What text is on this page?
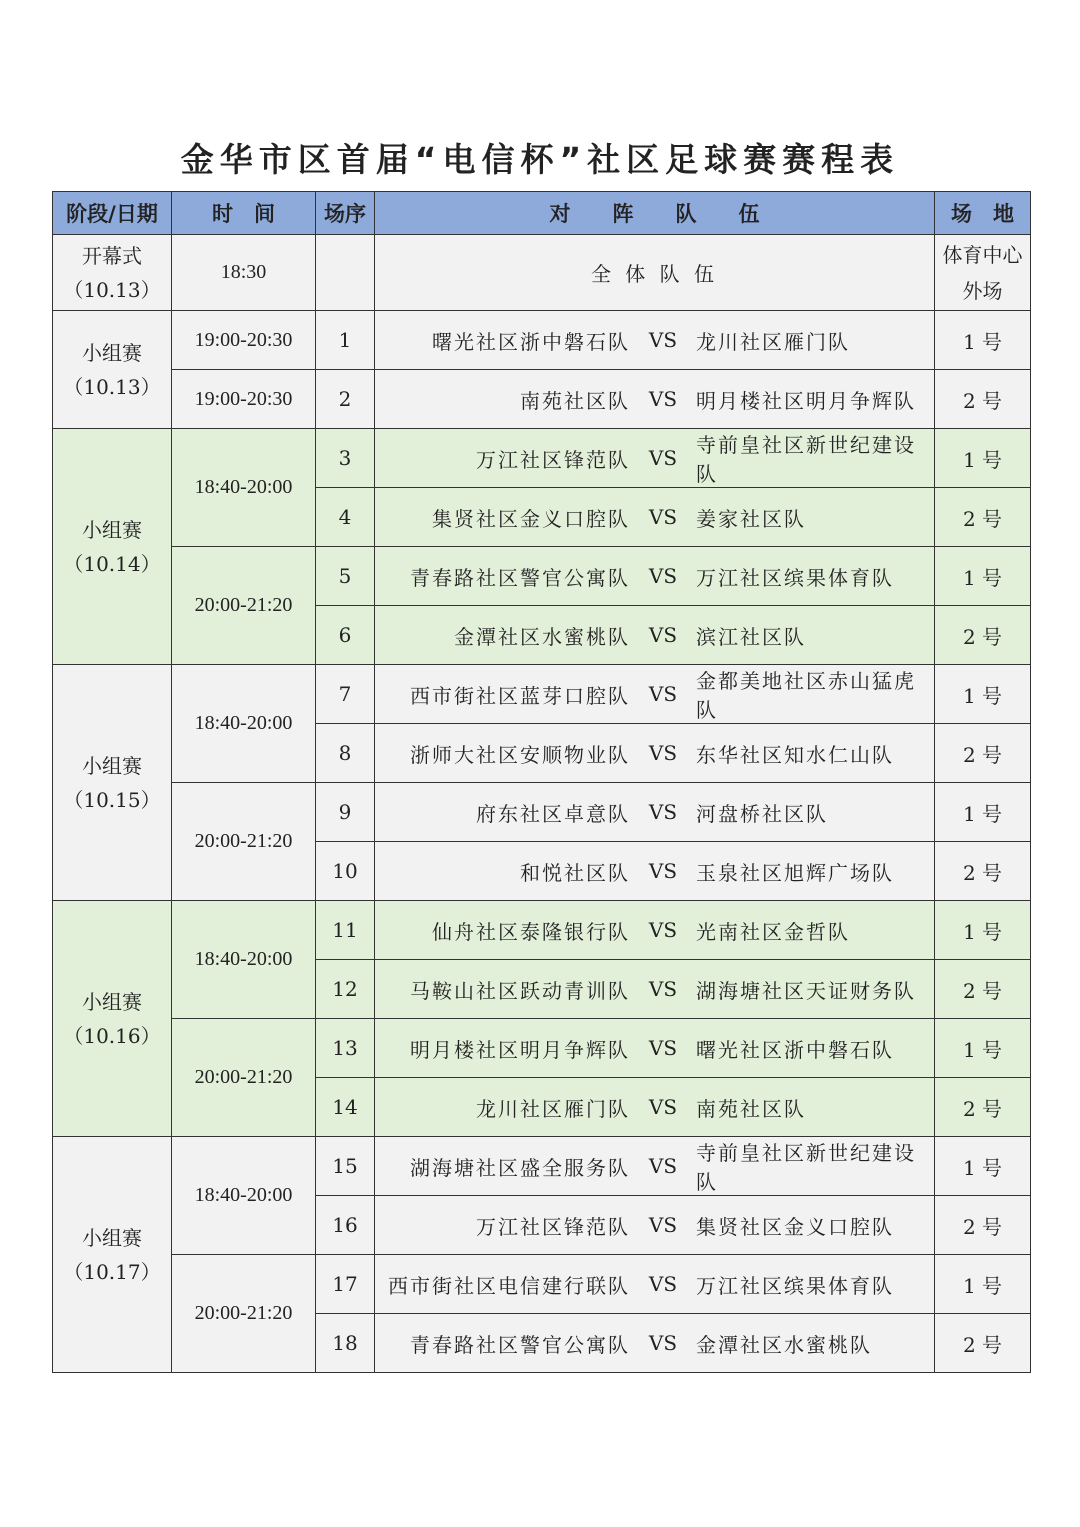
金华市区首届“电信杯”社区足球赛赛程表
阶段/日期	时　间	场序	对　　阵　　队　　伍	场　地

开幕式
（10.13）	18:30		全 体 队 伍	体育中心
外场

小组赛
（10.13）	19:00-20:30	1	曙光社区浙中磐石队 VS 龙川社区雁门队	1 号
	19:00-20:30	2	南苑社区队 VS 明月楼社区明月争辉队	2 号

小组赛
（10.14）	18:40-20:00	3	万江社区锋范队 VS
寺前皇社区新世纪建设队	1 号
		4	集贤社区金义口腔队 VS 姜家社区队	2 号
	20:00-21:20	5	青春路社区警官公寓队 VS 万江社区缤果体育队	1 号
		6	金潭社区水蜜桃队 VS 滨江社区队	2 号

小组赛
（10.15）	18:40-20:00	7	西市街社区蓝芽口腔队 VS
金都美地社区赤山猛虎队	1 号
		8	浙师大社区安顺物业队 VS 东华社区知水仁山队	2 号
	20:00-21:20	9	府东社区卓意队 VS 河盘桥社区队	1 号
		10	和悦社区队 VS 玉泉社区旭辉广场队	2 号

小组赛
（10.16）	18:40-20:00	11	仙舟社区泰隆银行队 VS 光南社区金哲队	1 号
		12	马鞍山社区跃动青训队 VS 湖海塘社区天证财务队	2 号
	20:00-21:20	13	明月楼社区明月争辉队 VS 曙光社区浙中磐石队	1 号
		14	龙川社区雁门队 VS 南苑社区队	2 号

小组赛
（10.17）	18:40-20:00	15	湖海塘社区盛全服务队 VS
寺前皇社区新世纪建设队	1 号
		16	万江社区锋范队 VS 集贤社区金义口腔队	2 号
	20:00-21:20	17	西市街社区电信建行联队 VS 万江社区缤果体育队	1 号
		18	青春路社区警官公寓队 VS 金潭社区水蜜桃队	2 号
